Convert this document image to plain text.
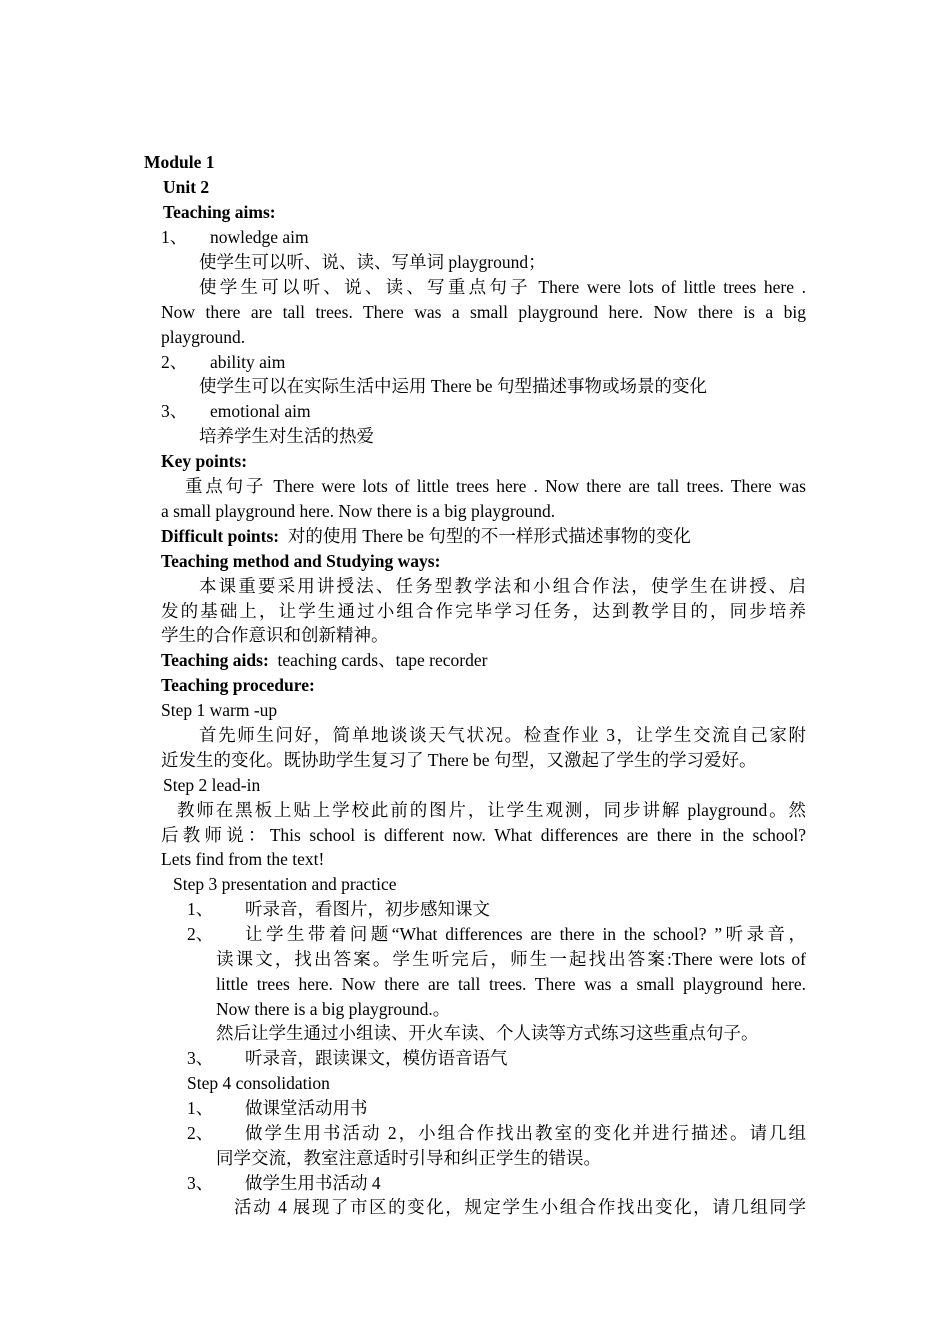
Module 1
Unit 2
Teaching aims:
1、 nowledge aim
使学生可以听、说、读、写单词 playground；
使学生可以听、说、读、写重点句子 There were lots of little trees here .
Now there are tall trees. There was a small playground here. Now there is a big
playground.
2、 ability aim
使学生可以在实际生活中运用 There be 句型描述事物或场景的变化
3、 emotional aim
培养学生对生活的热爱
Key points:
重点句子 There were lots of little trees here . Now there are tall trees. There was
a small playground here. Now there is a big playground.
Difficult points: 对的使用 There be 句型的不一样形式描述事物的变化
Teaching method and Studying ways:
本课重要采用讲授法、任务型教学法和小组合作法，使学生在讲授、启
发的基础上，让学生通过小组合作完毕学习任务，达到教学目的，同步培养
学生的合作意识和创新精神。
Teaching aids: teaching cards、tape recorder
Teaching procedure:
Step 1 warm -up
首先师生问好，简单地谈谈天气状况。检查作业 3，让学生交流自己家附
近发生的变化。既协助学生复习了 There be 句型，又激起了学生的学习爱好。
Step 2 lead-in
教师在黑板上贴上学校此前的图片，让学生观测，同步讲解 playground。然
后教师说：This school is different now. What differences are there in the school?
Lets find from the text!
Step 3 presentation and practice
1、 听录音，看图片，初步感知课文
2、 让学生带着问题“What differences are there in the school? ”听录音，
读课文，找出答案。学生听完后，师生一起找出答案:There were lots of
little trees here. Now there are tall trees. There was a small playground here.
Now there is a big playground.。
然后让学生通过小组读、开火车读、个人读等方式练习这些重点句子。
3、 听录音，跟读课文，模仿语音语气
Step 4 consolidation
1、 做课堂活动用书
2、 做学生用书活动 2，小组合作找出教室的变化并进行描述。请几组
同学交流，教室注意适时引导和纠正学生的错误。
3、 做学生用书活动 4
活动 4 展现了市区的变化，规定学生小组合作找出变化，请几组同学
